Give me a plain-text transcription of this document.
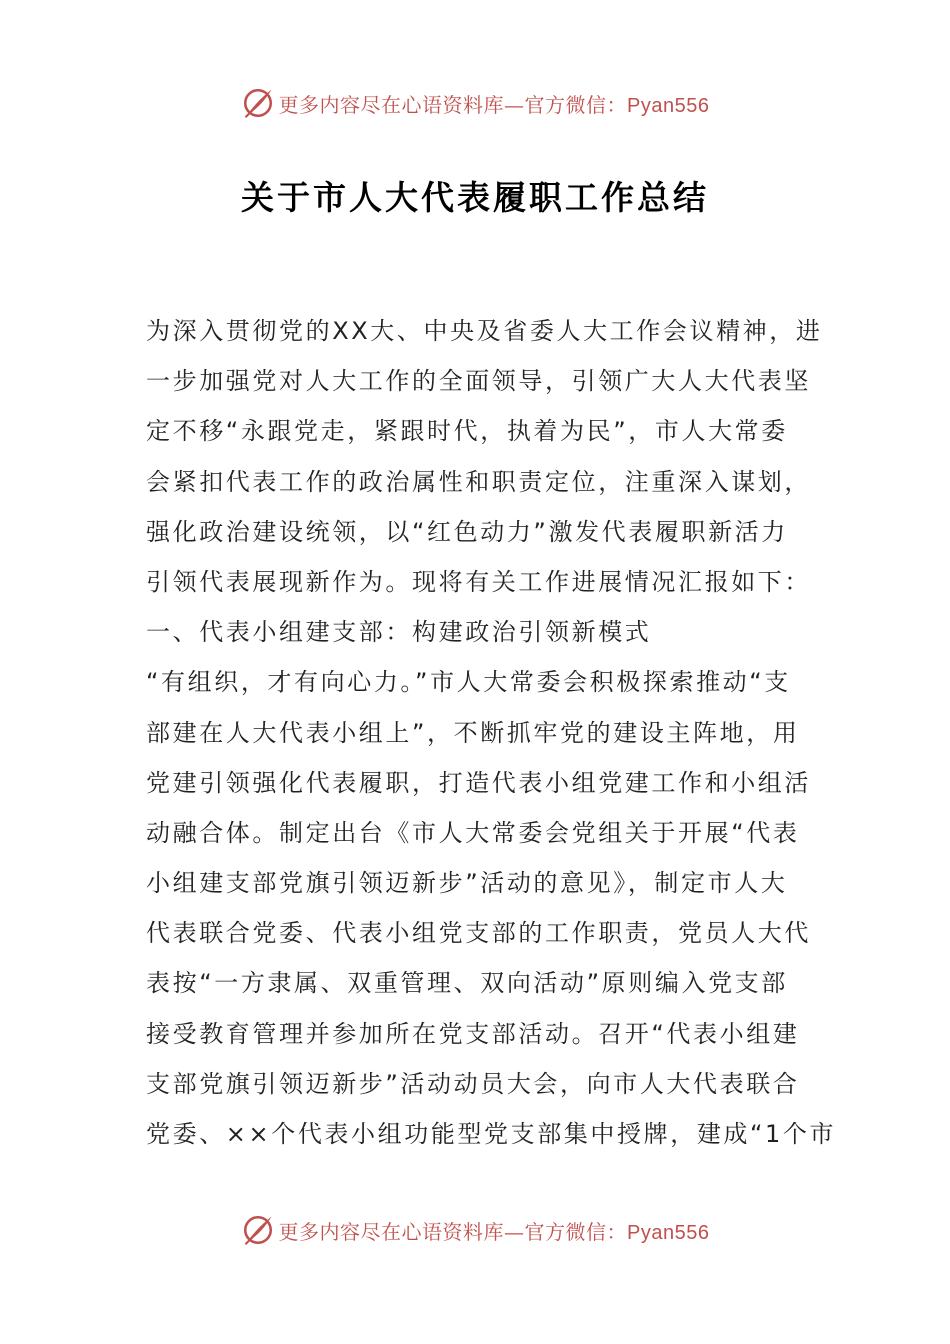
更多内容尽在心语资料库—官方微信：Pyan556
关于市人大代表履职工作总结
为深入贯彻党的XX大、中央及省委人大工作会议精神，进
一步加强党对人大工作的全面领导，引领广大人大代表坚
定不移“永跟党走，紧跟时代，执着为民”，市人大常委
会紧扣代表工作的政治属性和职责定位，注重深入谋划，
强化政治建设统领，以“红色动力”激发代表履职新活力
引领代表展现新作为。现将有关工作进展情况汇报如下：
一、代表小组建支部：构建政治引领新模式
“有组织，才有向心力。”市人大常委会积极探索推动“支
部建在人大代表小组上”，不断抓牢党的建设主阵地，用
党建引领强化代表履职，打造代表小组党建工作和小组活
动融合体。制定出台《市人大常委会党组关于开展“代表
小组建支部党旗引领迈新步”活动的意见》，制定市人大
代表联合党委、代表小组党支部的工作职责，党员人大代
表按“一方隶属、双重管理、双向活动”原则编入党支部
接受教育管理并参加所在党支部活动。召开“代表小组建
支部党旗引领迈新步”活动动员大会，向市人大代表联合
党委、××个代表小组功能型党支部集中授牌，建成“1个市
更多内容尽在心语资料库—官方微信：Pyan556
